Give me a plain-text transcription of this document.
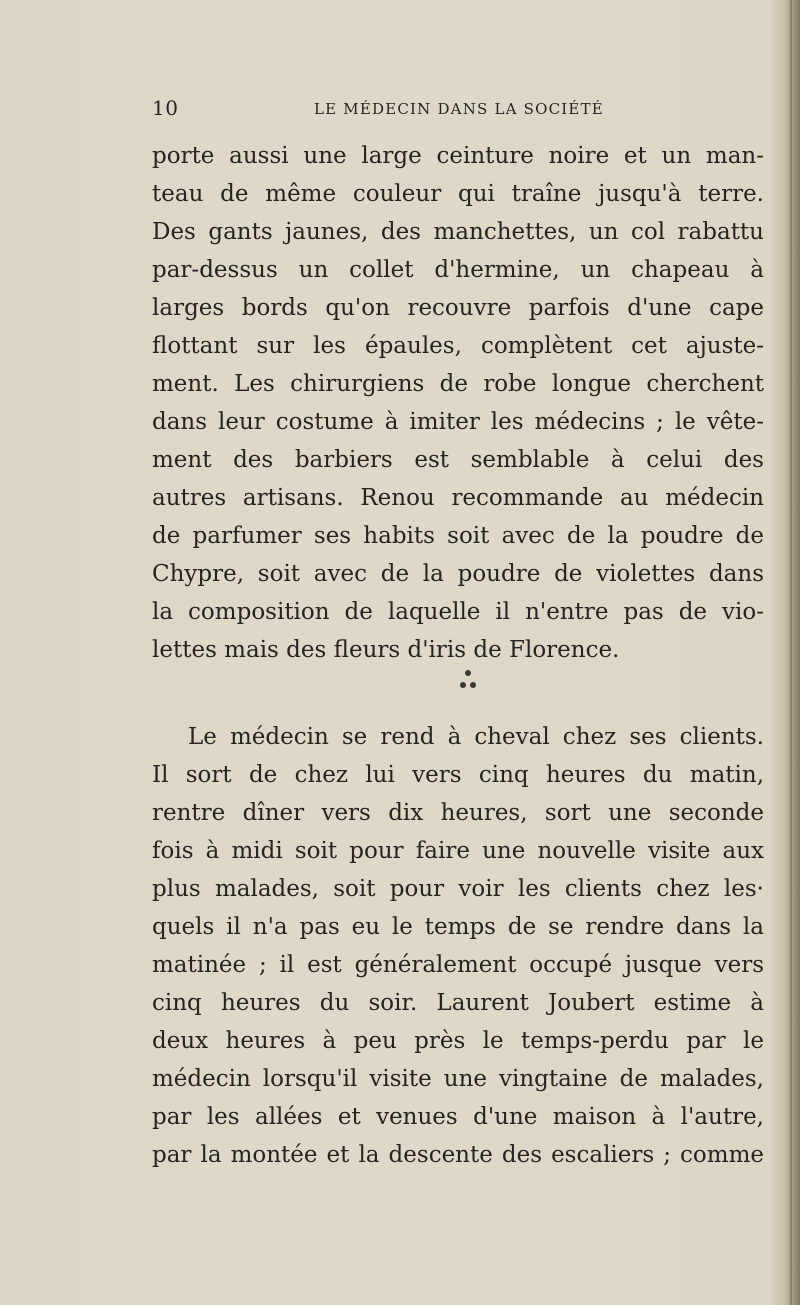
10	LE MÉDECIN DANS LA SOCIÉTÉ
porte aussi une large ceinture noire et un man-
teau de même couleur qui traîne jusqu'à terre.
Des gants jaunes, des manchettes, un col rabattu
par-dessus un collet d'hermine, un chapeau à
larges bords qu'on recouvre parfois d'une cape
flottant sur les épaules, complètent cet ajuste-
ment. Les chirurgiens de robe longue cherchent
dans leur costume à imiter les médecins ; le vête-
ment des barbiers est semblable à celui des
autres artisans. Renou recommande au médecin
de parfumer ses habits soit avec de la poudre de
Chypre, soit avec de la poudre de violettes dans
la composition de laquelle il n'entre pas de vio-
lettes mais des fleurs d'iris de Florence.
Le médecin se rend à cheval chez ses clients.
Il sort de chez lui vers cinq heures du matin,
rentre dîner vers dix heures, sort une seconde
fois à midi soit pour faire une nouvelle visite aux
plus malades, soit pour voir les clients chez les·
quels il n'a pas eu le temps de se rendre dans la
matinée ; il est généralement occupé jusque vers
cinq heures du soir. Laurent Joubert estime à
deux heures à peu près le temps-perdu par le
médecin lorsqu'il visite une vingtaine de malades,
par les allées et venues d'une maison à l'autre,
par la montée et la descente des escaliers ; comme
